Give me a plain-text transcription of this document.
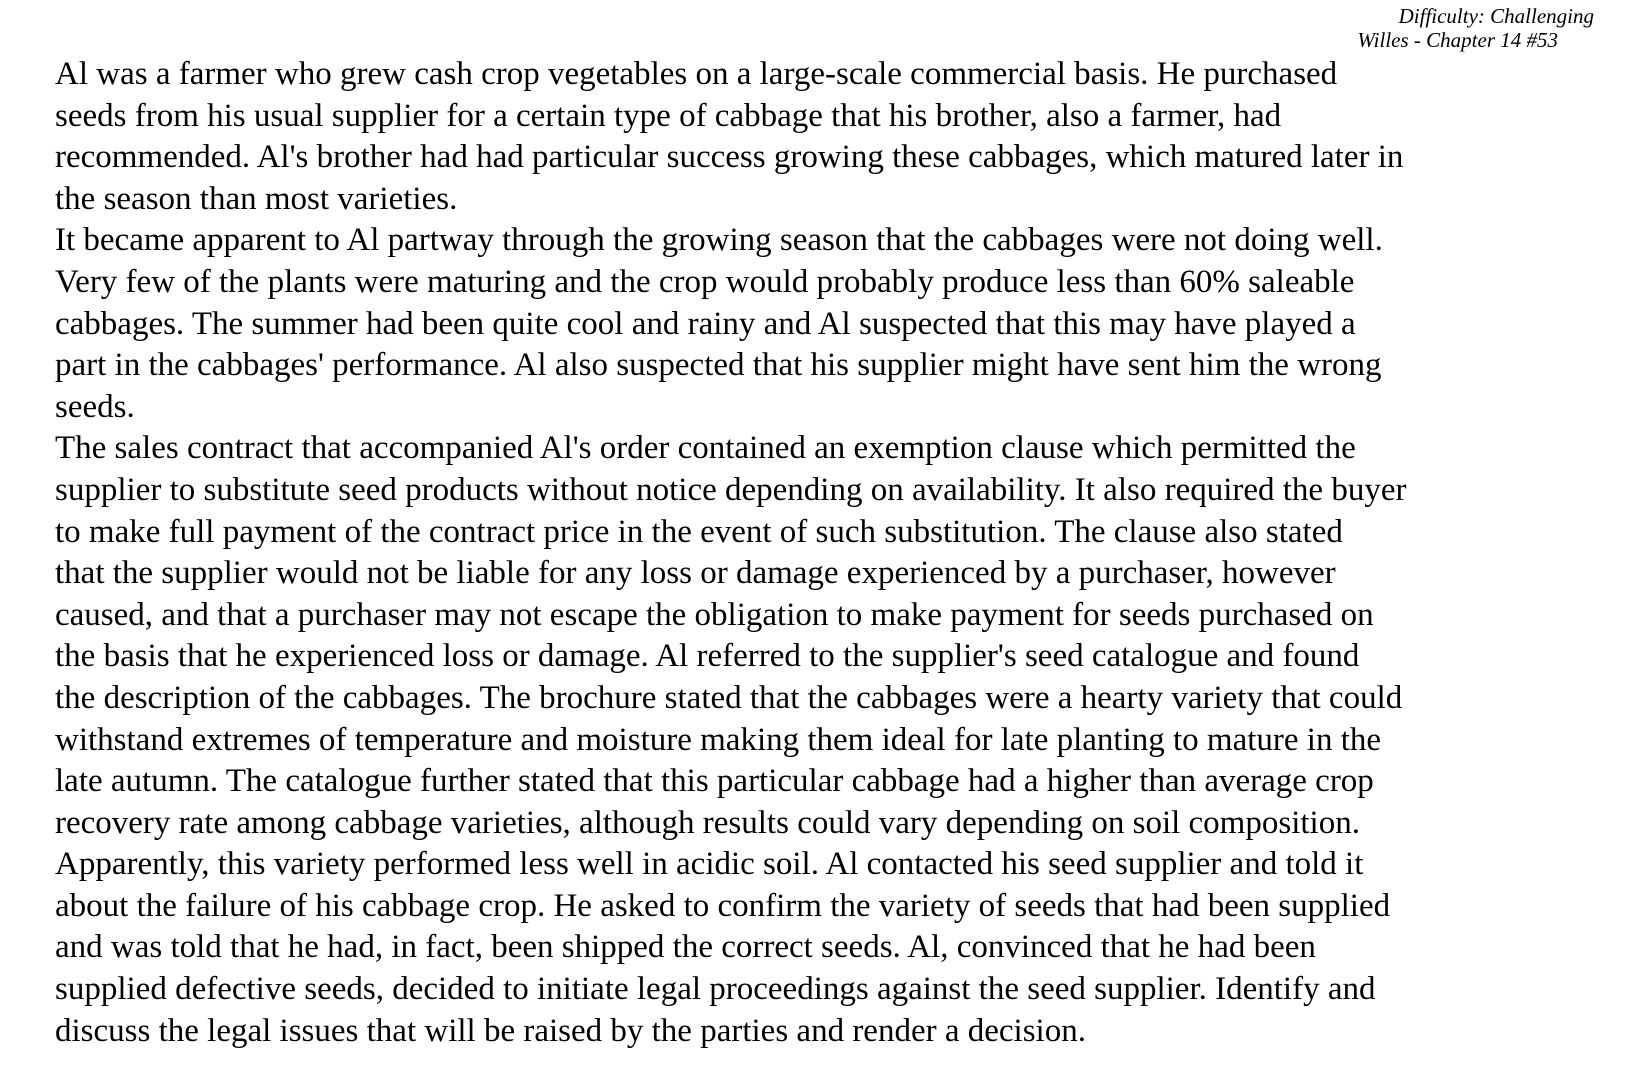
Difficulty: Challenging
Willes - Chapter 14 #53
Al was a farmer who grew cash crop vegetables on a large-scale commercial basis. He purchased
seeds from his usual supplier for a certain type of cabbage that his brother, also a farmer, had
recommended. Al's brother had had particular success growing these cabbages, which matured later in
the season than most varieties.
It became apparent to Al partway through the growing season that the cabbages were not doing well.
Very few of the plants were maturing and the crop would probably produce less than 60% saleable
cabbages. The summer had been quite cool and rainy and Al suspected that this may have played a
part in the cabbages' performance. Al also suspected that his supplier might have sent him the wrong
seeds.
The sales contract that accompanied Al's order contained an exemption clause which permitted the
supplier to substitute seed products without notice depending on availability. It also required the buyer
to make full payment of the contract price in the event of such substitution. The clause also stated
that the supplier would not be liable for any loss or damage experienced by a purchaser, however
caused, and that a purchaser may not escape the obligation to make payment for seeds purchased on
the basis that he experienced loss or damage. Al referred to the supplier's seed catalogue and found
the description of the cabbages. The brochure stated that the cabbages were a hearty variety that could
withstand extremes of temperature and moisture making them ideal for late planting to mature in the
late autumn. The catalogue further stated that this particular cabbage had a higher than average crop
recovery rate among cabbage varieties, although results could vary depending on soil composition.
Apparently, this variety performed less well in acidic soil. Al contacted his seed supplier and told it
about the failure of his cabbage crop. He asked to confirm the variety of seeds that had been supplied
and was told that he had, in fact, been shipped the correct seeds. Al, convinced that he had been
supplied defective seeds, decided to initiate legal proceedings against the seed supplier. Identify and
discuss the legal issues that will be raised by the parties and render a decision.
